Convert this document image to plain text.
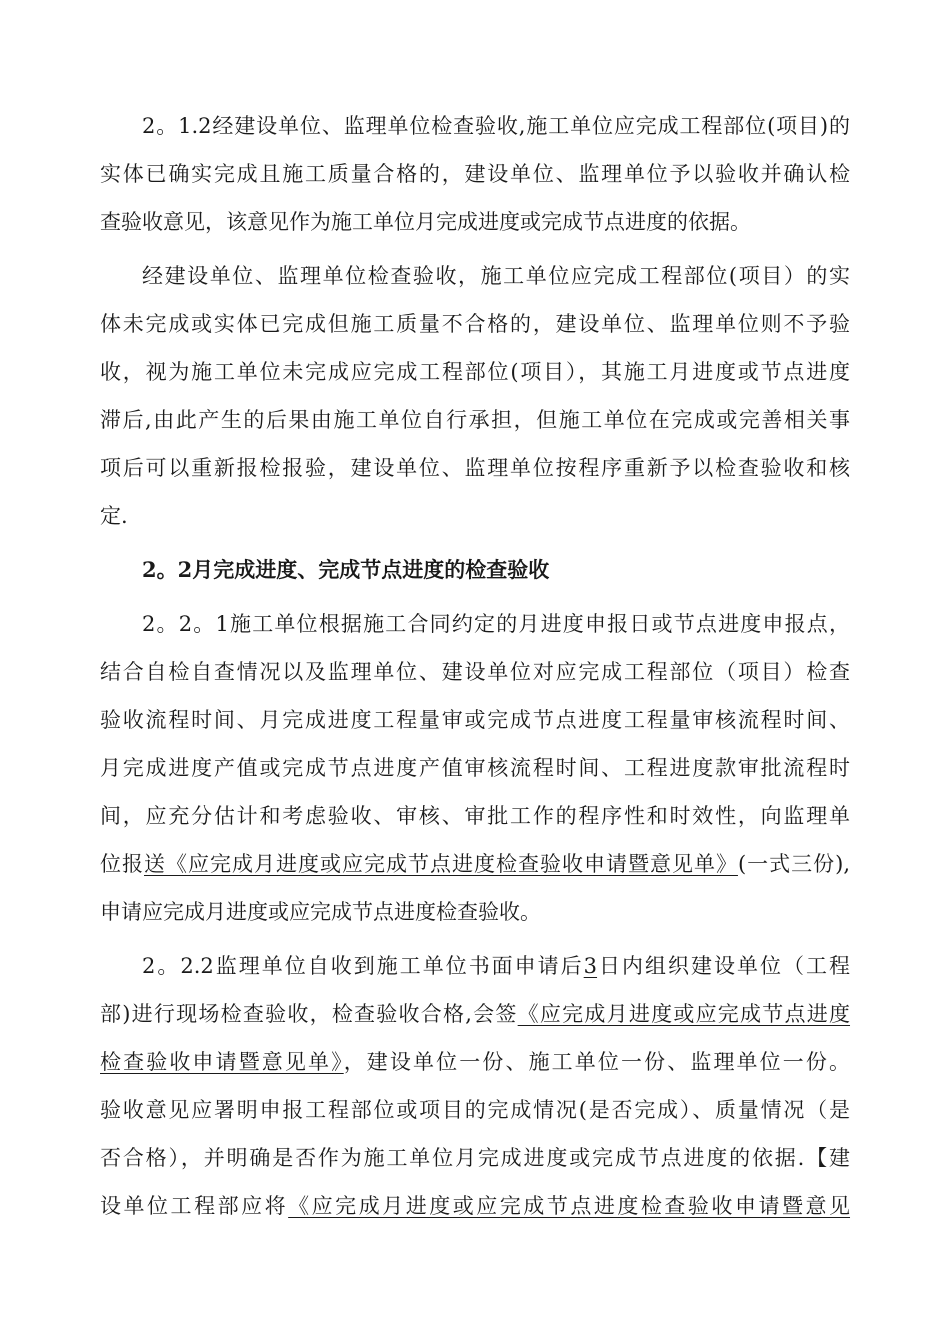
2。1.2经建设单位、监理单位检查验收,施工单位应完成工程部位(项目)的
实体已确实完成且施工质量合格的，建设单位、监理单位予以验收并确认检
查验收意见，该意见作为施工单位月完成进度或完成节点进度的依据。
经建设单位、监理单位检查验收，施工单位应完成工程部位(项目）的实
体未完成或实体已完成但施工质量不合格的，建设单位、监理单位则不予验
收，视为施工单位未完成应完成工程部位(项目），其施工月进度或节点进度
滞后,由此产生的后果由施工单位自行承担，但施工单位在完成或完善相关事
项后可以重新报检报验，建设单位、监理单位按程序重新予以检查验收和核
定.
2。2月完成进度、完成节点进度的检查验收
2。2。1施工单位根据施工合同约定的月进度申报日或节点进度申报点，
结合自检自查情况以及监理单位、建设单位对应完成工程部位（项目）检查
验收流程时间、月完成进度工程量审或完成节点进度工程量审核流程时间、
月完成进度产值或完成节点进度产值审核流程时间、工程进度款审批流程时
间，应充分估计和考虑验收、审核、审批工作的程序性和时效性，向监理单
位报送《应完成月进度或应完成节点进度检查验收申请暨意见单》(一式三份),
申请应完成月进度或应完成节点进度检查验收。
2。2.2监理单位自收到施工单位书面申请后3日内组织建设单位（工程
部)进行现场检查验收，检查验收合格,会签《应完成月进度或应完成节点进度
检查验收申请暨意见单》，建设单位一份、施工单位一份、监理单位一份。
验收意见应署明申报工程部位或项目的完成情况(是否完成）、质量情况（是
否合格），并明确是否作为施工单位月完成进度或完成节点进度的依据.【建
设单位工程部应将《应完成月进度或应完成节点进度检查验收申请暨意见
